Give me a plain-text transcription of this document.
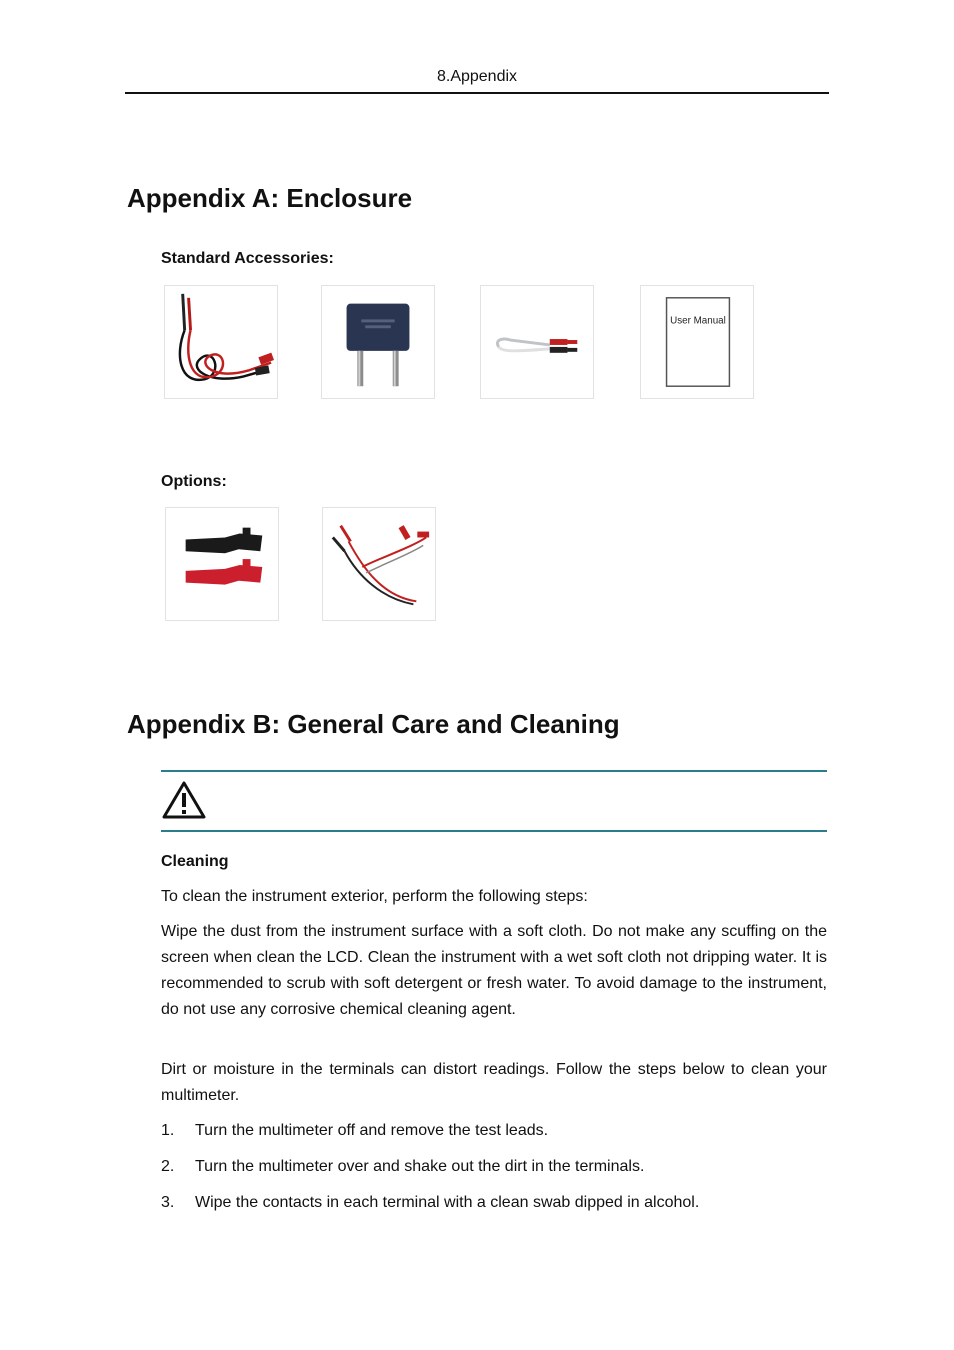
8.Appendix
Appendix A: Enclosure
Standard Accessories:
User Manual
Options:
Appendix B: General Care and Cleaning
Cleaning

To clean the instrument exterior, perform the following steps:

Wipe the dust from the instrument surface with a soft cloth. Do not make any scuffing on the screen when clean the LCD. Clean the instrument with a wet soft cloth not dripping water. It is recommended to scrub with soft detergent or fresh water. To avoid damage to the instrument, do not use any corrosive chemical cleaning agent.

Dirt or moisture in the terminals can distort readings. Follow the steps below to clean your multimeter.

1. Turn the multimeter off and remove the test leads.
2. Turn the multimeter over and shake out the dirt in the terminals.
3. Wipe the contacts in each terminal with a clean swab dipped in alcohol.
